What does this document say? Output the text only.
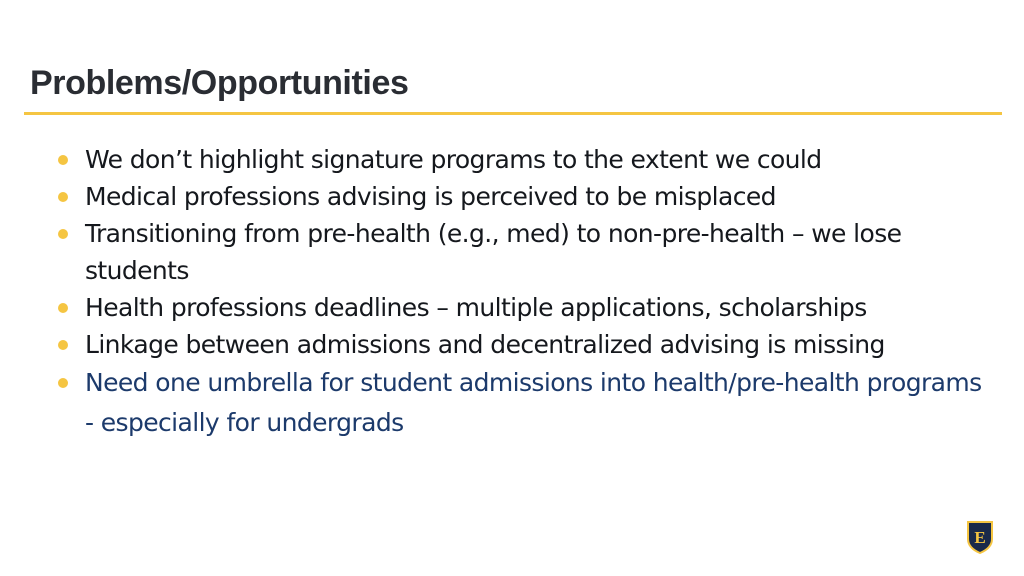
Problems/Opportunities
We don’t highlight signature programs to the extent we could
Medical professions advising is perceived to be misplaced
Transitioning from pre-health (e.g., med) to non-pre-health – we lose students
Health professions deadlines – multiple applications, scholarships
Linkage between admissions and decentralized advising is missing
Need one umbrella for student admissions into health/pre-health programs - especially for undergrads
E
